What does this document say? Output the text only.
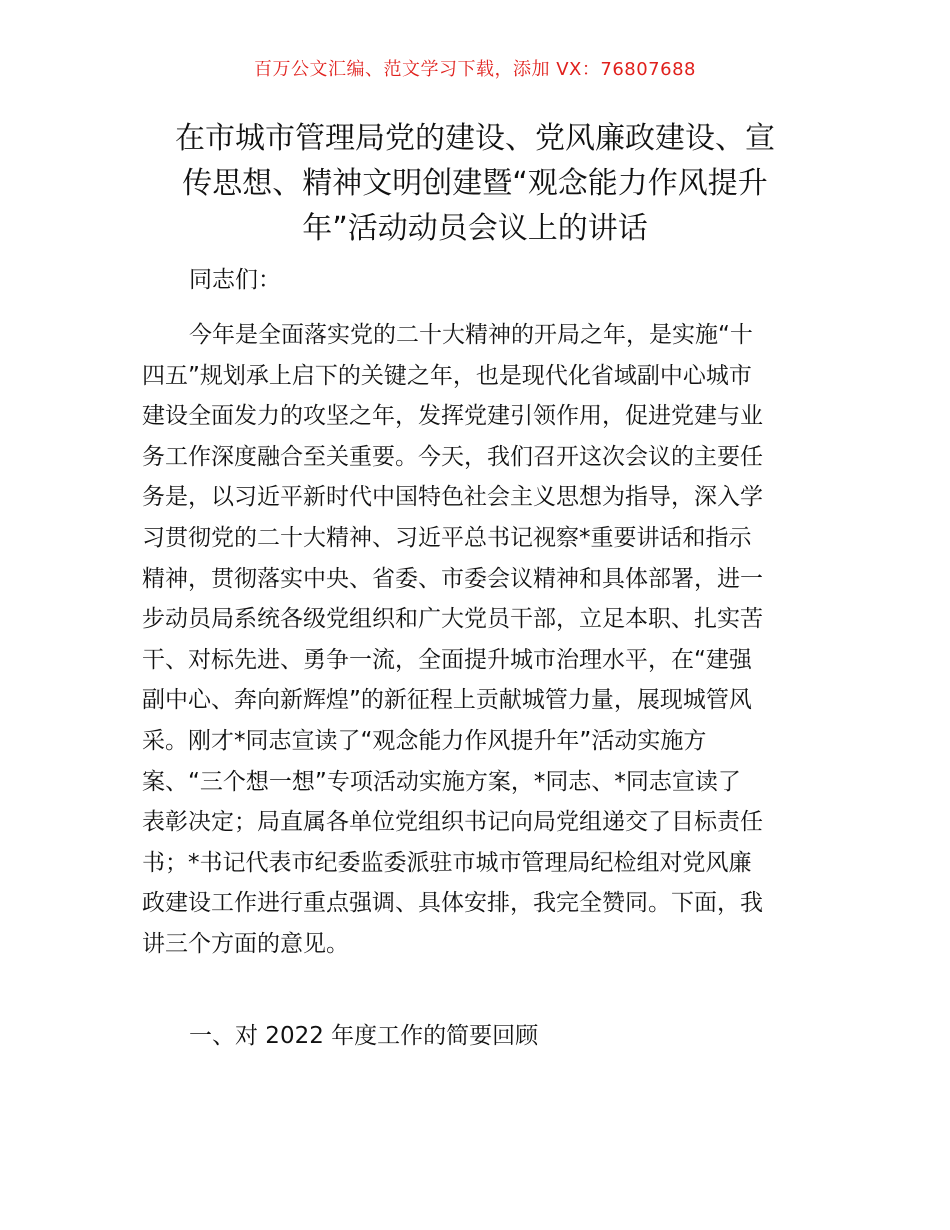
百万公文汇编、范文学习下载，添加 VX：76807688
在市城市管理局党的建设、党风廉政建设、宣
传思想、精神文明创建暨“观念能力作风提升
年”活动动员会议上的讲话

同志们：

今年是全面落实党的二十大精神的开局之年，是实施“十
四五”规划承上启下的关键之年，也是现代化省域副中心城市
建设全面发力的攻坚之年，发挥党建引领作用，促进党建与业
务工作深度融合至关重要。今天，我们召开这次会议的主要任
务是，以习近平新时代中国特色社会主义思想为指导，深入学
习贯彻党的二十大精神、习近平总书记视察*重要讲话和指示
精神，贯彻落实中央、省委、市委会议精神和具体部署，进一
步动员局系统各级党组织和广大党员干部，立足本职、扎实苦
干、对标先进、勇争一流，全面提升城市治理水平，在“建强
副中心、奔向新辉煌”的新征程上贡献城管力量，展现城管风
采。刚才*同志宣读了“观念能力作风提升年”活动实施方
案、“三个想一想”专项活动实施方案，*同志、*同志宣读了
表彰决定；局直属各单位党组织书记向局党组递交了目标责任
书；*书记代表市纪委监委派驻市城市管理局纪检组对党风廉
政建设工作进行重点强调、具体安排，我完全赞同。下面，我
讲三个方面的意见。

一、对 2022 年度工作的简要回顾
